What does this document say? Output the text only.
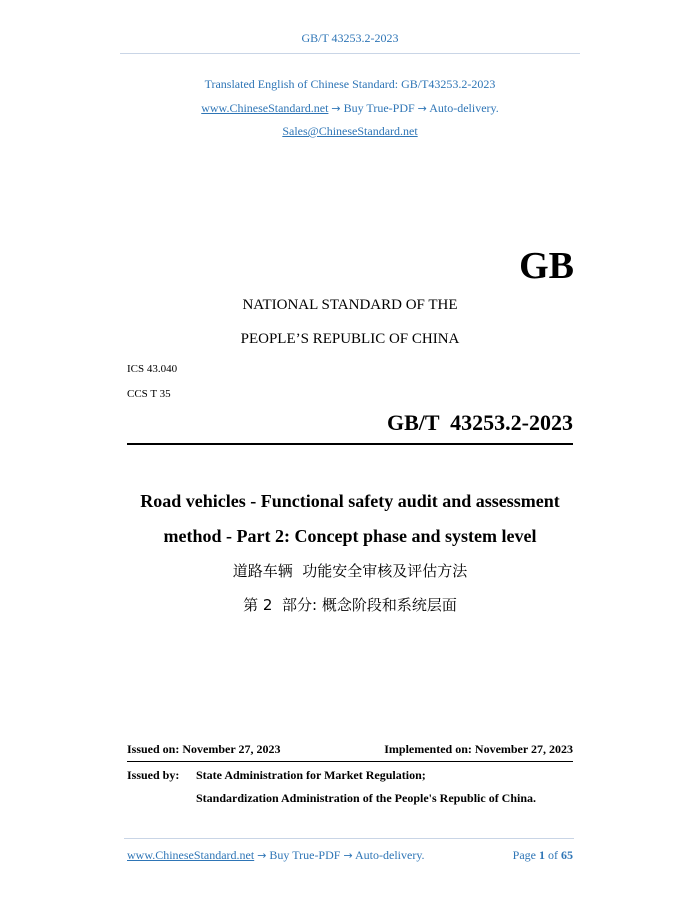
GB/T 43253.2-2023
Translated English of Chinese Standard: GB/T43253.2-2023
www.ChineseStandard.net → Buy True-PDF → Auto-delivery.
Sales@ChineseStandard.net
GB
NATIONAL STANDARD OF THE
PEOPLE’S REPUBLIC OF CHINA
ICS 43.040
CCS T 35
GB/T  43253.2-2023
Road vehicles - Functional safety audit and assessment
method - Part 2: Concept phase and system level
道路车辆  功能安全审核及评估方法
第 2  部分: 概念阶段和系统层面
Issued on: November 27, 2023	Implemented on: November 27, 2023
Issued by: State Administration for Market Regulation;
Standardization Administration of the People's Republic of China.
www.ChineseStandard.net → Buy True-PDF → Auto-delivery.	Page 1 of 65
